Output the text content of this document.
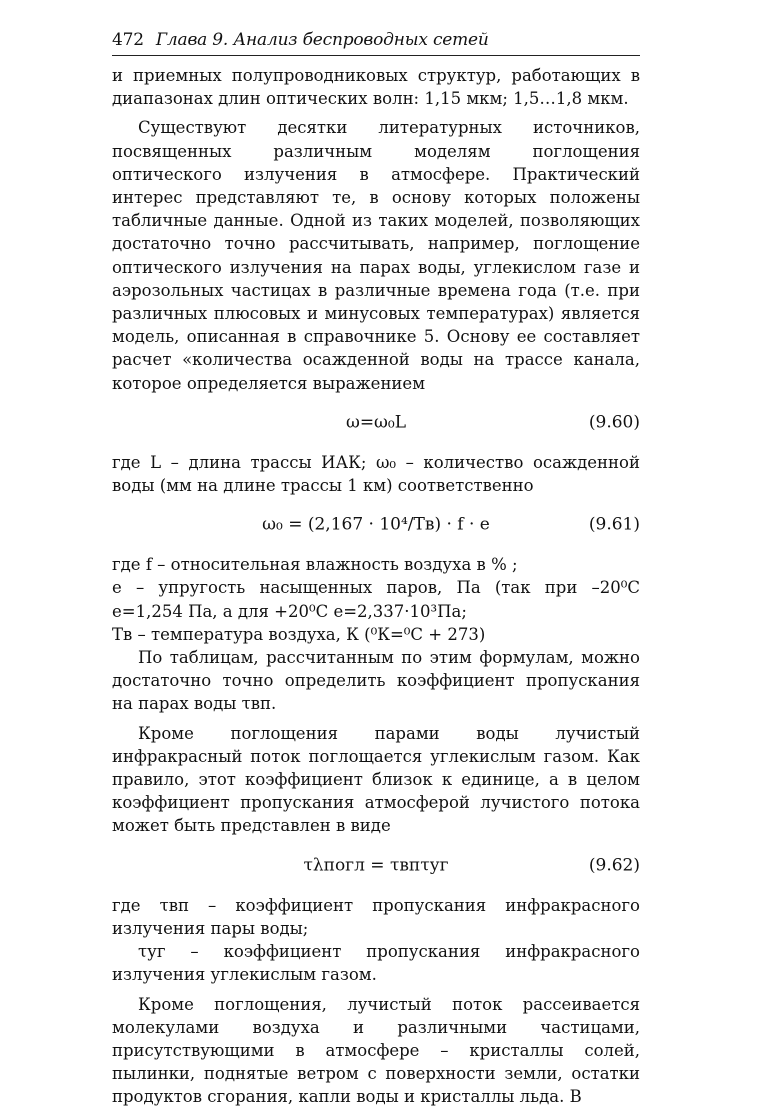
472 Глава 9. Анализ беспроводных сетей

и приемных полупроводниковых структур, работающих в диапазонах длин оптических волн: 1,15 мкм; 1,5…1,8 мкм.

Существуют десятки литературных источников, посвященных различным моделям поглощения оптического излучения в атмосфере. Практический интерес представляют те, в основу которых положены табличные данные. Одной из таких моделей, позволяющих достаточно точно рассчитывать, например, поглощение оптического излучения на парах воды, углекислом газе и аэрозольных частицах в различные времена года (т.е. при различных плюсовых и минусовых температурах) является модель, описанная в справочнике 5. Основу ее составляет расчет «количества осажденной воды на трассе канала, которое определяется выражением

ω=ω₀L	(9.60)

где L – длина трассы ИАК; ω₀ – количество осажденной воды (мм на длине трассы 1 км) соответственно

ω₀ = (2,167 · 10⁴/Тв) · f · e	(9.61)

где f – относительная влажность воздуха в % ;

е – упругость насыщенных паров, Па (так при –20⁰С е=1,254 Па, а для +20⁰С е=2,337·10³Па;

Тв – температура воздуха, К (⁰К=⁰С + 273)

По таблицам, рассчитанным по этим формулам, можно достаточно точно определить коэффициент пропускания на парах воды τвп.

Кроме поглощения парами воды лучистый инфракрасный поток поглощается углекислым газом. Как правило, этот коэффициент близок к единице, а в целом коэффициент пропускания атмосферой лучистого потока может быть представлен в виде

τλпогл = τвпτуг	(9.62)

где τвп – коэффициент пропускания инфракрасного излучения пары воды;

τуг – коэффициент пропускания инфракрасного излучения углекислым газом.

Кроме поглощения, лучистый поток рассеивается молекулами воздуха и различными частицами, присутствующими в атмосфере – кристаллы солей, пылинки, поднятые ветром с поверхности земли, остатки продуктов сгорания, капли воды и кристаллы льда. В
